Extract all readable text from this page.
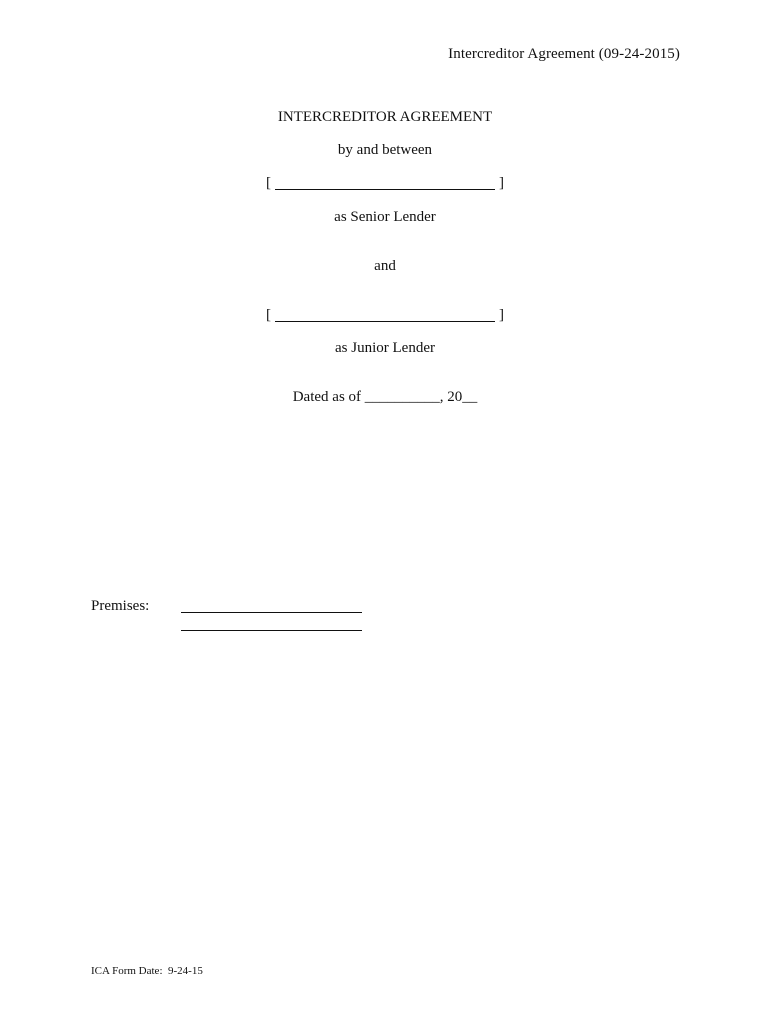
Intercreditor Agreement (09-24-2015)
INTERCREDITOR AGREEMENT
by and between
[	]
as Senior Lender
and
[	]
as Junior Lender
Dated as of __________, 20__
Premises:
ICA Form Date:  9-24-15
